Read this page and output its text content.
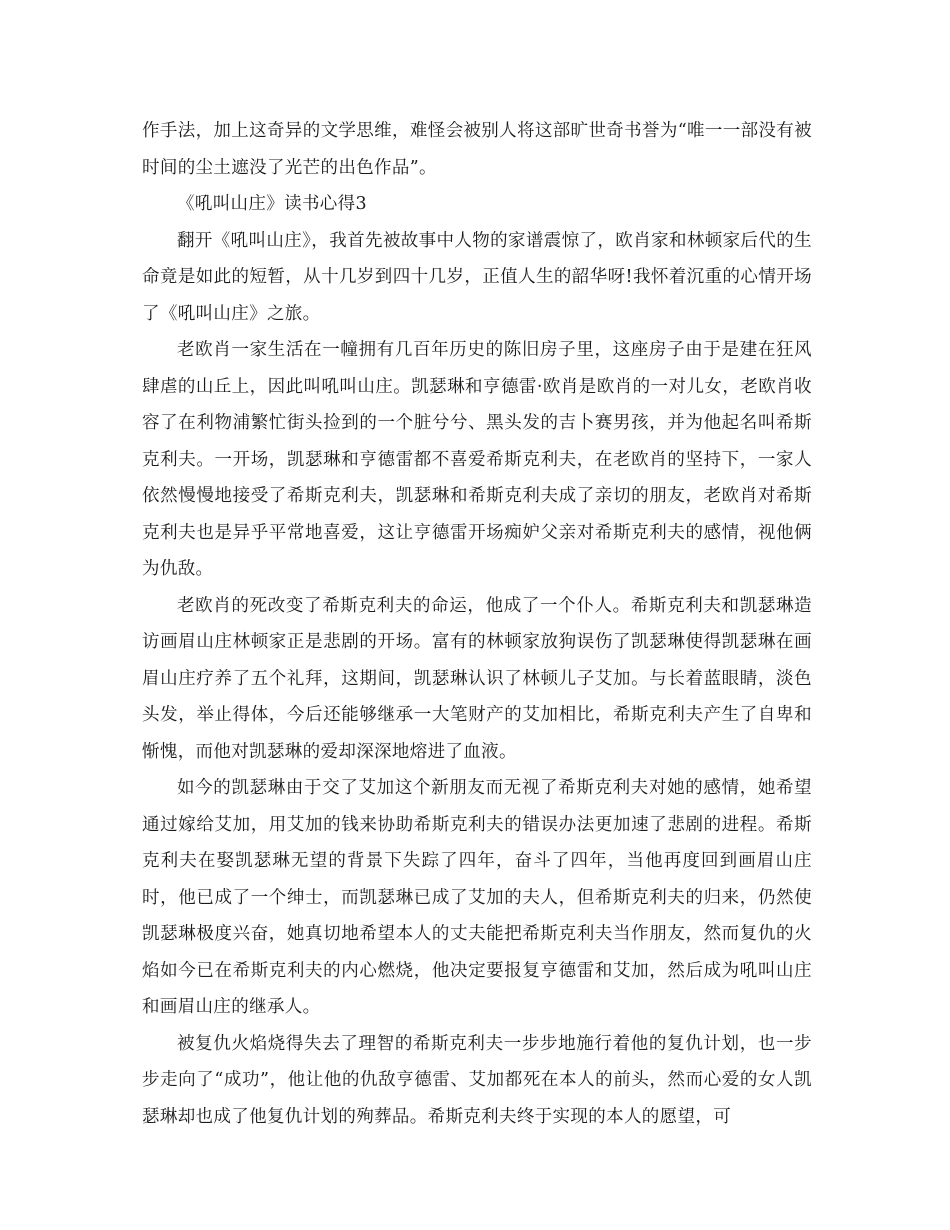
作手法，加上这奇异的文学思维，难怪会被别人将这部旷世奇书誉为“唯一一部没有被时间的尘土遮没了光芒的出色作品”。

《吼叫山庄》读书心得3

翻开《吼叫山庄》，我首先被故事中人物的家谱震惊了，欧肖家和林顿家后代的生命竟是如此的短暂，从十几岁到四十几岁，正值人生的韶华呀!我怀着沉重的心情开场了《吼叫山庄》之旅。

老欧肖一家生活在一幢拥有几百年历史的陈旧房子里，这座房子由于是建在狂风肆虐的山丘上，因此叫吼叫山庄。凯瑟琳和亨德雷·欧肖是欧肖的一对儿女，老欧肖收容了在利物浦繁忙街头捡到的一个脏兮兮、黑头发的吉卜赛男孩，并为他起名叫希斯克利夫。一开场，凯瑟琳和亨德雷都不喜爱希斯克利夫，在老欧肖的坚持下，一家人依然慢慢地接受了希斯克利夫，凯瑟琳和希斯克利夫成了亲切的朋友，老欧肖对希斯克利夫也是异乎平常地喜爱，这让亨德雷开场痴妒父亲对希斯克利夫的感情，视他俩为仇敌。

老欧肖的死改变了希斯克利夫的命运，他成了一个仆人。希斯克利夫和凯瑟琳造访画眉山庄林顿家正是悲剧的开场。富有的林顿家放狗误伤了凯瑟琳使得凯瑟琳在画眉山庄疗养了五个礼拜，这期间，凯瑟琳认识了林顿儿子艾加。与长着蓝眼睛，淡色头发，举止得体，今后还能够继承一大笔财产的艾加相比，希斯克利夫产生了自卑和惭愧，而他对凯瑟琳的爱却深深地熔进了血液。

如今的凯瑟琳由于交了艾加这个新朋友而无视了希斯克利夫对她的感情，她希望通过嫁给艾加，用艾加的钱来协助希斯克利夫的错误办法更加速了悲剧的进程。希斯克利夫在娶凯瑟琳无望的背景下失踪了四年，奋斗了四年，当他再度回到画眉山庄时，他已成了一个绅士，而凯瑟琳已成了艾加的夫人，但希斯克利夫的归来，仍然使凯瑟琳极度兴奋，她真切地希望本人的丈夫能把希斯克利夫当作朋友，然而复仇的火焰如今已在希斯克利夫的内心燃烧，他决定要报复亨德雷和艾加，然后成为吼叫山庄和画眉山庄的继承人。

被复仇火焰烧得失去了理智的希斯克利夫一步步地施行着他的复仇计划，也一步步走向了“成功”，他让他的仇敌亨德雷、艾加都死在本人的前头，然而心爱的女人凯瑟琳却也成了他复仇计划的殉葬品。希斯克利夫终于实现的本人的愿望，可
